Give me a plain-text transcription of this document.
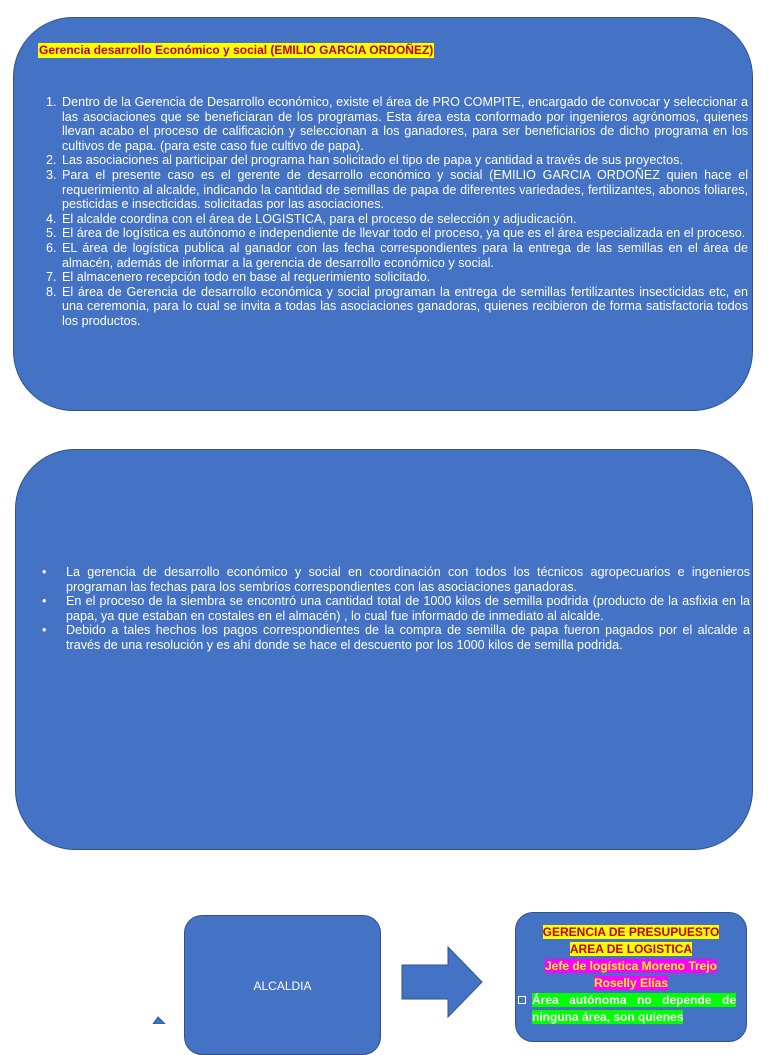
Gerencia desarrollo Económico y social (EMILIO GARCIA ORDOÑEZ)
1. Dentro de la Gerencia de Desarrollo económico, existe el área de PRO COMPITE, encargado de convocar y seleccionar a las asociaciones que se beneficiaran de los programas. Esta área esta conformado por ingenieros agrónomos, quienes llevan acabo el proceso de calificación y seleccionan a los ganadores, para ser beneficiarios de dicho programa en los cultivos de papa. (para este caso fue cultivo de papa).
2. Las asociaciones al participar del programa han solicitado el tipo de papa y cantidad a través de sus proyectos.
3. Para el presente caso es el gerente de desarrollo económico y social (EMILIO GARCIA ORDOÑEZ quien hace el requerimiento al alcalde, indicando la cantidad de semillas de papa de diferentes variedades, fertilizantes, abonos foliares, pesticidas e insecticidas. solicitadas por las asociaciones.
4. El alcalde coordina con el área de LOGISTICA, para el proceso de selección y adjudicación.
5. El área de logística es autónomo e independiente de llevar todo el proceso, ya que es el área especializada en el proceso.
6. EL área de logística publica al ganador con las fecha correspondientes para la entrega de las semillas en el área de almacén, además de informar a la gerencia de desarrollo económico y social.
7. El almacenero recepción todo en base al requerimiento solicitado.
8. El área de Gerencia de desarrollo económica y social programan la entrega de semillas fertilizantes insecticidas etc, en una ceremonia, para lo cual se invita a todas las asociaciones ganadoras, quienes recibieron de forma satisfactoria todos los productos.
• La gerencia de desarrollo económico y social en coordinación con todos los técnicos agropecuarios e ingenieros programan las fechas para los sembríos correspondientes con las asociaciones ganadoras.
• En el proceso de la siembra se encontró una cantidad total de 1000 kilos de semilla podrida (producto de la asfixia en la papa, ya que estaban en costales en el almacén) , lo cual fue informado de inmediato al alcalde.
• Debido a tales hechos los pagos correspondientes de la compra de semilla de papa fueron pagados por el alcalde a través de una resolución y es ahí donde se hace el descuento por los 1000 kilos de semilla podrida.
ALCALDIA
GERENCIA DE PRESUPUESTO
AREA DE LOGISTICA
Jefe de logística Moreno Trejo
Roselly Elías

Área autónoma no depende de ninguna área, son quienes
